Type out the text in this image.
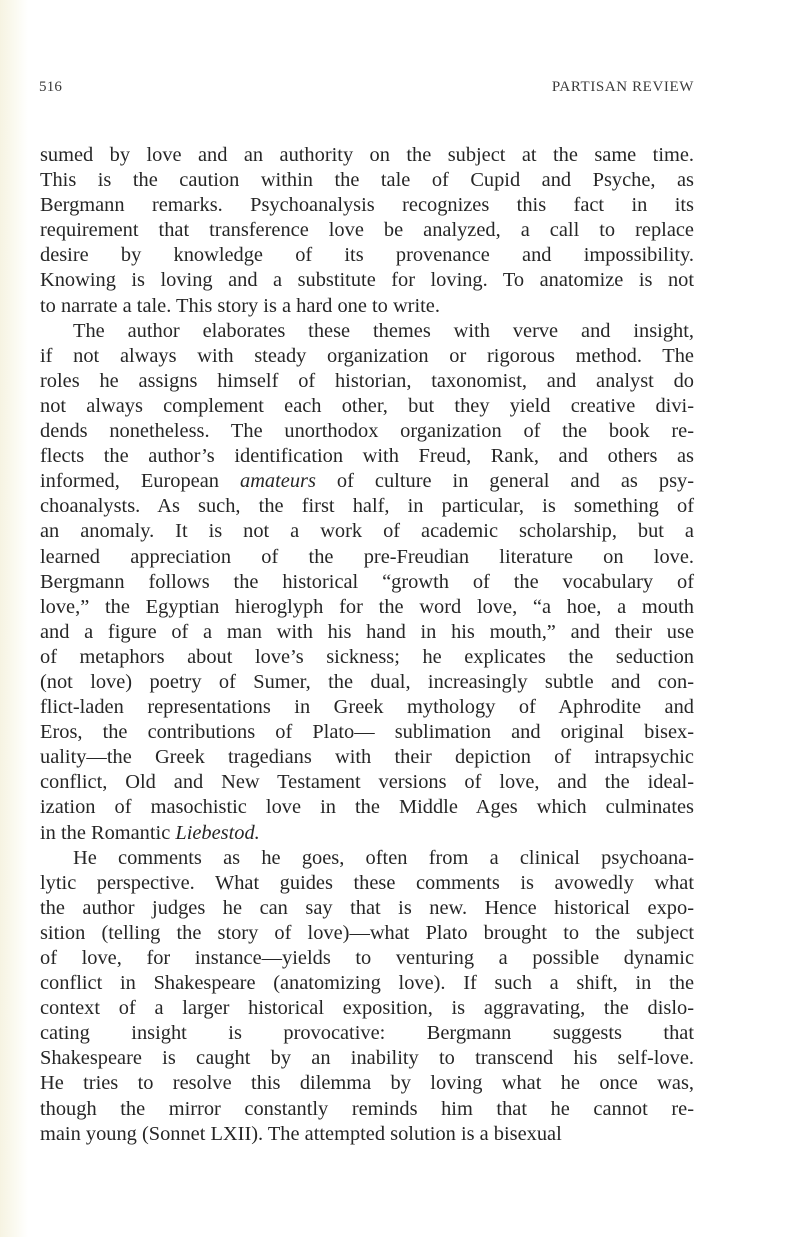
516	PARTISAN REVIEW
sumed by love and an authority on the subject at the same time.
This is the caution within the tale of Cupid and Psyche, as
Bergmann remarks. Psychoanalysis recognizes this fact in its
requirement that transference love be analyzed, a call to replace
desire by knowledge of its provenance and impossibility.
Knowing is loving and a substitute for loving. To anatomize is not
to narrate a tale. This story is a hard one to write.
The author elaborates these themes with verve and insight,
if not always with steady organization or rigorous method. The
roles he assigns himself of historian, taxonomist, and analyst do
not always complement each other, but they yield creative divi-
dends nonetheless. The unorthodox organization of the book re-
flects the author’s identification with Freud, Rank, and others as
informed, European amateurs of culture in general and as psy-
choanalysts. As such, the first half, in particular, is something of
an anomaly. It is not a work of academic scholarship, but a
learned appreciation of the pre-Freudian literature on love.
Bergmann follows the historical “growth of the vocabulary of
love,” the Egyptian hieroglyph for the word love, “a hoe, a mouth
and a figure of a man with his hand in his mouth,” and their use
of metaphors about love’s sickness; he explicates the seduction
(not love) poetry of Sumer, the dual, increasingly subtle and con-
flict-laden representations in Greek mythology of Aphrodite and
Eros, the contributions of Plato— sublimation and original bisex-
uality—the Greek tragedians with their depiction of intrapsychic
conflict, Old and New Testament versions of love, and the ideal-
ization of masochistic love in the Middle Ages which culminates
in the Romantic Liebestod.
He comments as he goes, often from a clinical psychoana-
lytic perspective. What guides these comments is avowedly what
the author judges he can say that is new. Hence historical expo-
sition (telling the story of love)—what Plato brought to the subject
of love, for instance—yields to venturing a possible dynamic
conflict in Shakespeare (anatomizing love). If such a shift, in the
context of a larger historical exposition, is aggravating, the dislo-
cating insight is provocative: Bergmann suggests that
Shakespeare is caught by an inability to transcend his self-love.
He tries to resolve this dilemma by loving what he once was,
though the mirror constantly reminds him that he cannot re-
main young (Sonnet LXII). The attempted solution is a bisexual
